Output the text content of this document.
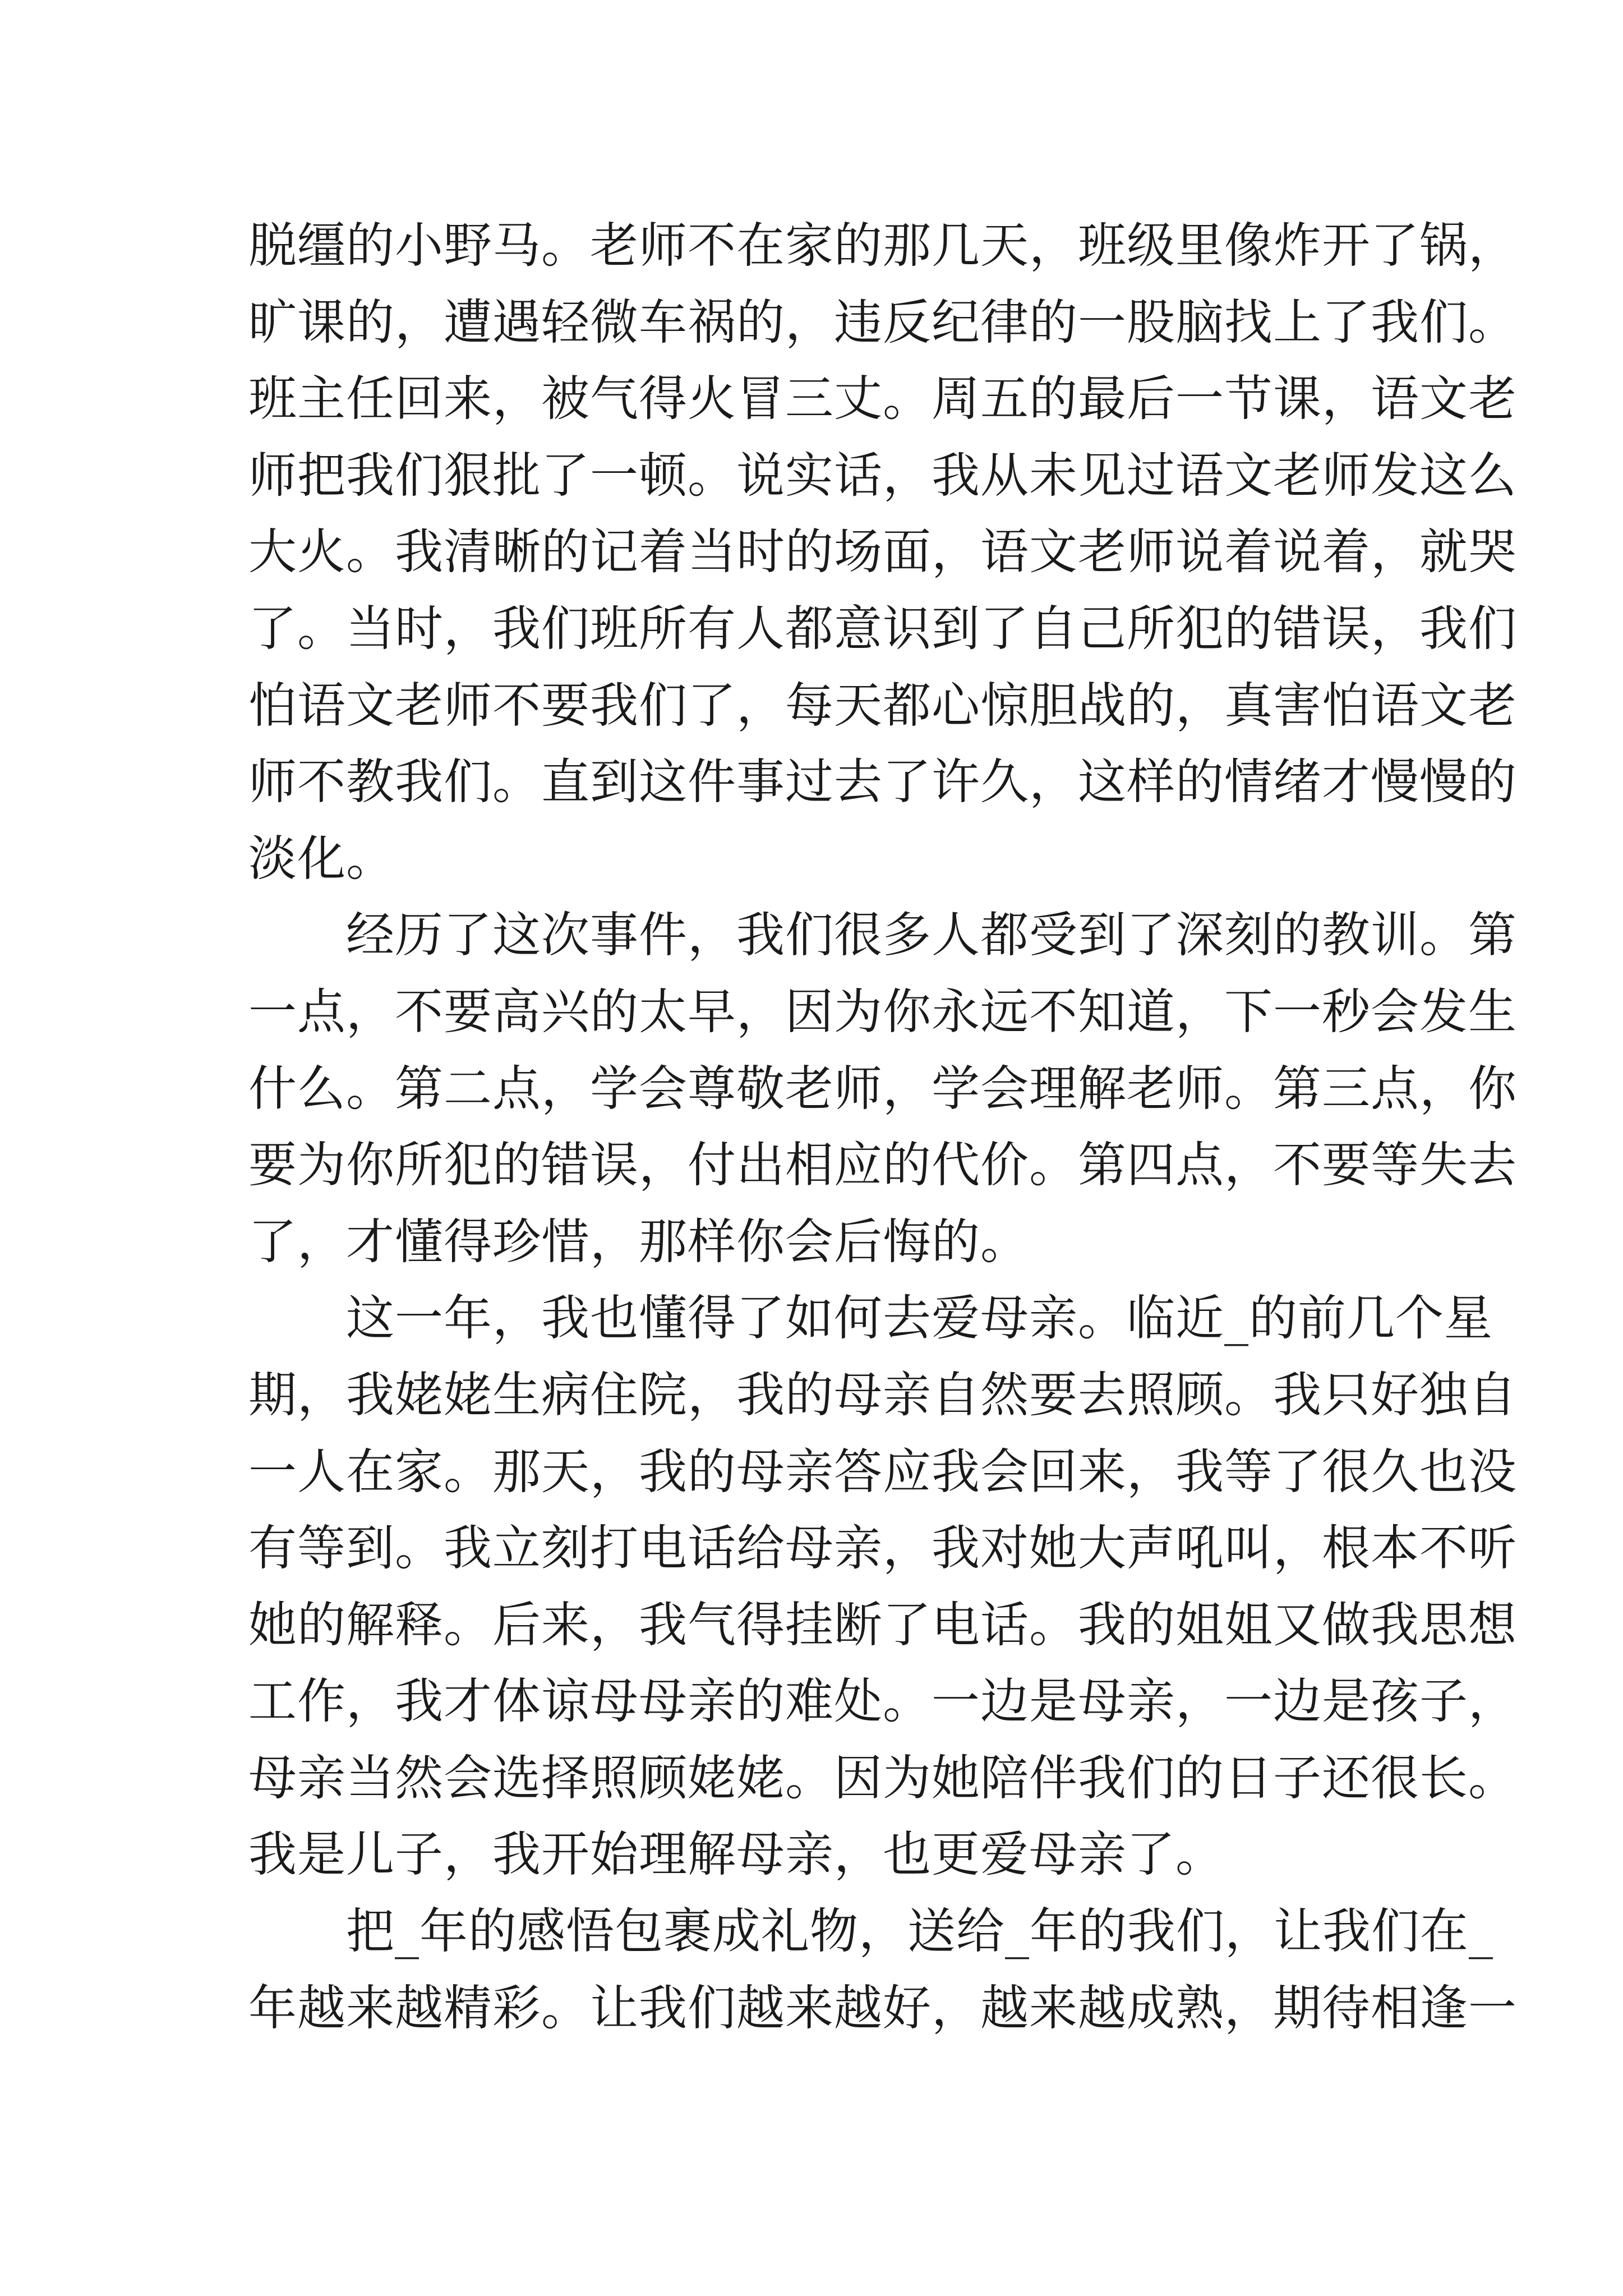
脱缰的小野马。老师不在家的那几天，班级里像炸开了锅，
旷课的，遭遇轻微车祸的，违反纪律的一股脑找上了我们。
班主任回来，被气得火冒三丈。周五的最后一节课，语文老
师把我们狠批了一顿。说实话，我从未见过语文老师发这么
大火。我清晰的记着当时的场面，语文老师说着说着，就哭
了。当时，我们班所有人都意识到了自己所犯的错误，我们
怕语文老师不要我们了，每天都心惊胆战的，真害怕语文老
师不教我们。直到这件事过去了许久，这样的情绪才慢慢的
淡化。
　　经历了这次事件，我们很多人都受到了深刻的教训。第
一点，不要高兴的太早，因为你永远不知道，下一秒会发生
什么。第二点，学会尊敬老师，学会理解老师。第三点，你
要为你所犯的错误，付出相应的代价。第四点，不要等失去
了，才懂得珍惜，那样你会后悔的。
　　这一年，我也懂得了如何去爱母亲。临近_的前几个星
期，我姥姥生病住院，我的母亲自然要去照顾。我只好独自
一人在家。那天，我的母亲答应我会回来，我等了很久也没
有等到。我立刻打电话给母亲，我对她大声吼叫，根本不听
她的解释。后来，我气得挂断了电话。我的姐姐又做我思想
工作，我才体谅母母亲的难处。一边是母亲，一边是孩子，
母亲当然会选择照顾姥姥。因为她陪伴我们的日子还很长。
我是儿子，我开始理解母亲，也更爱母亲了。
　　把_年的感悟包裹成礼物，送给_年的我们，让我们在_
年越来越精彩。让我们越来越好，越来越成熟，期待相逢一
